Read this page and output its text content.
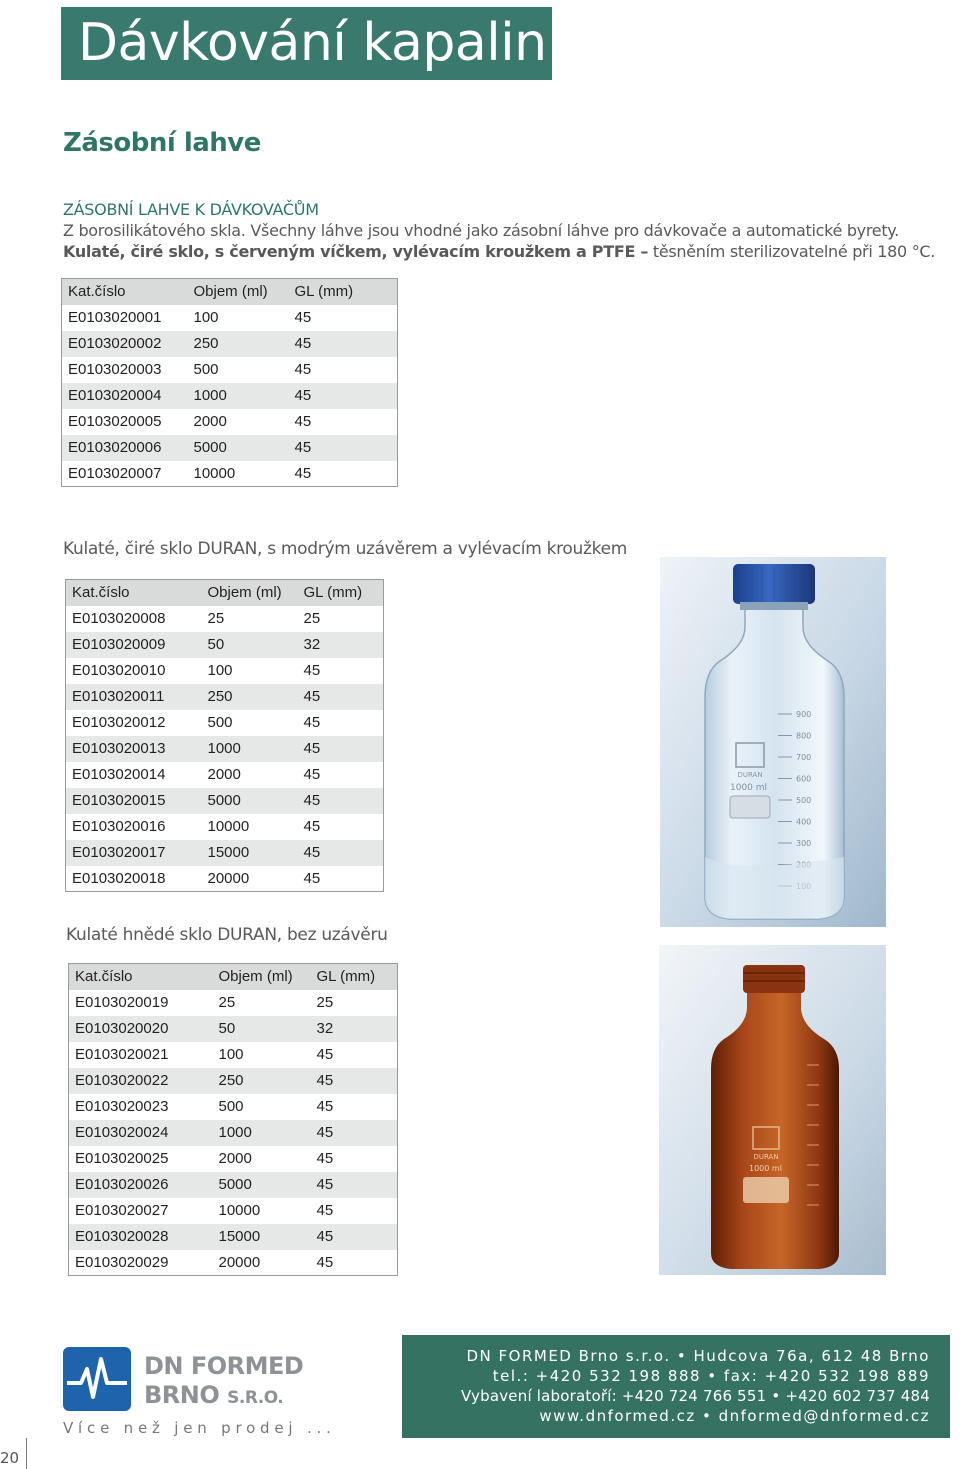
Dávkování kapalin
Zásobní lahve
ZÁSOBNÍ LAHVE K DÁVKOVAČŮM
Z borosilikátového skla. Všechny láhve jsou vhodné jako zásobní láhve pro dávkovače a automatické byrety.
Kulaté, čiré sklo, s červeným víčkem, vylévacím kroužkem a PTFE – těsněním sterilizovatelné při 180 °C.
Kat.číslo	Objem (ml)	GL (mm)
E0103020001	100	45
E0103020002	250	45
E0103020003	500	45
E0103020004	1000	45
E0103020005	2000	45
E0103020006	5000	45
E0103020007	10000	45
Kulaté, čiré sklo DURAN, s modrým uzávěrem a vylévacím kroužkem
Kat.číslo	Objem (ml)	GL (mm)
E0103020008	25	25
E0103020009	50	32
E0103020010	100	45
E0103020011	250	45
E0103020012	500	45
E0103020013	1000	45
E0103020014	2000	45
E0103020015	5000	45
E0103020016	10000	45
E0103020017	15000	45
E0103020018	20000	45
Kulaté hnědé sklo DURAN, bez uzávěru
Kat.číslo	Objem (ml)	GL (mm)
E0103020019	25	25
E0103020020	50	32
E0103020021	100	45
E0103020022	250	45
E0103020023	500	45
E0103020024	1000	45
E0103020025	2000	45
E0103020026	5000	45
E0103020027	10000	45
E0103020028	15000	45
E0103020029	20000	45
DURAN
1000 ml
900
800
700
600
500
400
300
DURAN
1000 ml
DN FORMED
BRNO S.R.O.
Více než jen prodej ...
DN FORMED Brno s.r.o. • Hudcova 76a, 612 48 Brno
tel.: +420 532 198 888 • fax: +420 532 198 889
Vybavení laboratoří: +420 724 766 551 • +420 602 737 484
www.dnformed.cz • dnformed@dnformed.cz
20
